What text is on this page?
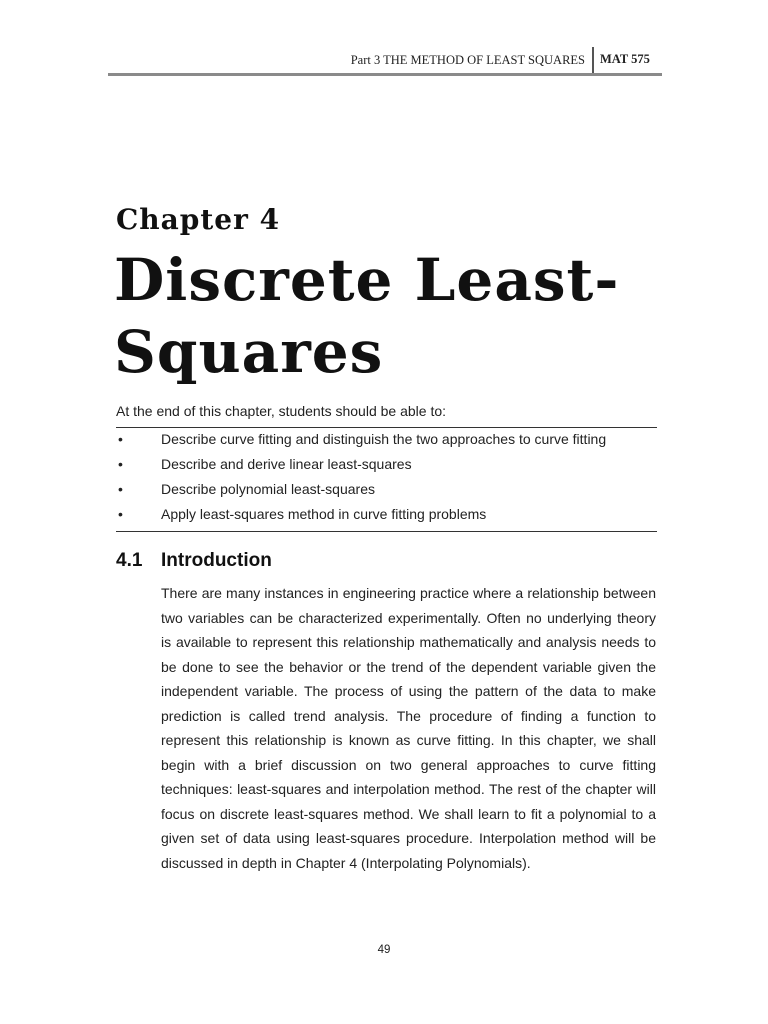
Part 3 THE METHOD OF LEAST SQUARES MAT 575
Chapter 4
Discrete Least-Squares
At the end of this chapter, students should be able to:
•	Describe curve fitting and distinguish the two approaches to curve fitting
•	Describe and derive linear least-squares
•	Describe polynomial least-squares
•	Apply least-squares method in curve fitting problems
4.1 Introduction

There are many instances in engineering practice where a relationship between two variables can be characterized experimentally. Often no underlying theory is available to represent this relationship mathematically and analysis needs to be done to see the behavior or the trend of the dependent variable given the independent variable. The process of using the pattern of the data to make prediction is called trend analysis. The procedure of finding a function to represent this relationship is known as curve fitting. In this chapter, we shall begin with a brief discussion on two general approaches to curve fitting techniques: least-squares and interpolation method. The rest of the chapter will focus on discrete least-squares method. We shall learn to fit a polynomial to a given set of data using least-squares procedure. Interpolation method will be discussed in depth in Chapter 4 (Interpolating Polynomials).

49
